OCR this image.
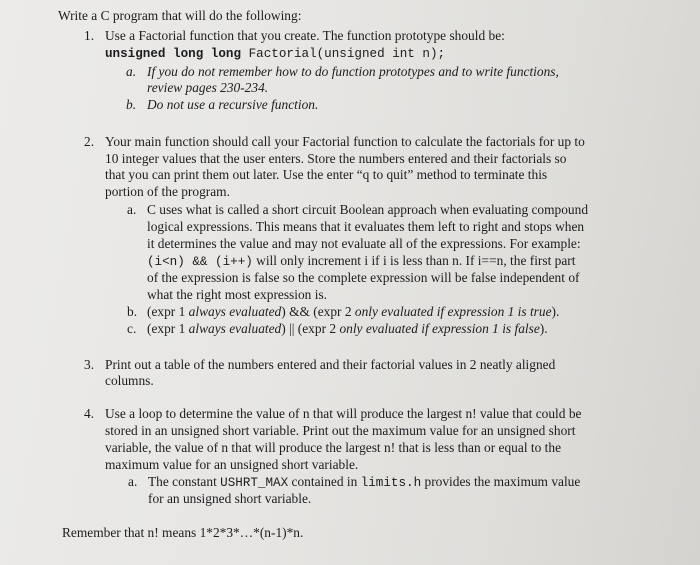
Write a C program that will do the following:
1. Use a Factorial function that you create. The function prototype should be:
unsigned long long Factorial(unsigned int n);
a. If you do not remember how to do function prototypes and to write functions,
review pages 230-234.
b. Do not use a recursive function.
2. Your main function should call your Factorial function to calculate the factorials for up to
10 integer values that the user enters. Store the numbers entered and their factorials so
that you can print them out later. Use the enter “q to quit” method to terminate this
portion of the program.
a. C uses what is called a short circuit Boolean approach when evaluating compound
logical expressions. This means that it evaluates them left to right and stops when
it determines the value and may not evaluate all of the expressions. For example:
(i<n) && (i++) will only increment i if i is less than n. If i==n, the first part
of the expression is false so the complete expression will be false independent of
what the right most expression is.
b. (expr 1 always evaluated) && (expr 2 only evaluated if expression 1 is true).
c. (expr 1 always evaluated) || (expr 2 only evaluated if expression 1 is false).
3. Print out a table of the numbers entered and their factorial values in 2 neatly aligned
columns.
4. Use a loop to determine the value of n that will produce the largest n! value that could be
stored in an unsigned short variable. Print out the maximum value for an unsigned short
variable, the value of n that will produce the largest n! that is less than or equal to the
maximum value for an unsigned short variable.
a. The constant USHRT_MAX contained in limits.h provides the maximum value
for an unsigned short variable.
Remember that n! means 1*2*3*…*(n-1)*n.
